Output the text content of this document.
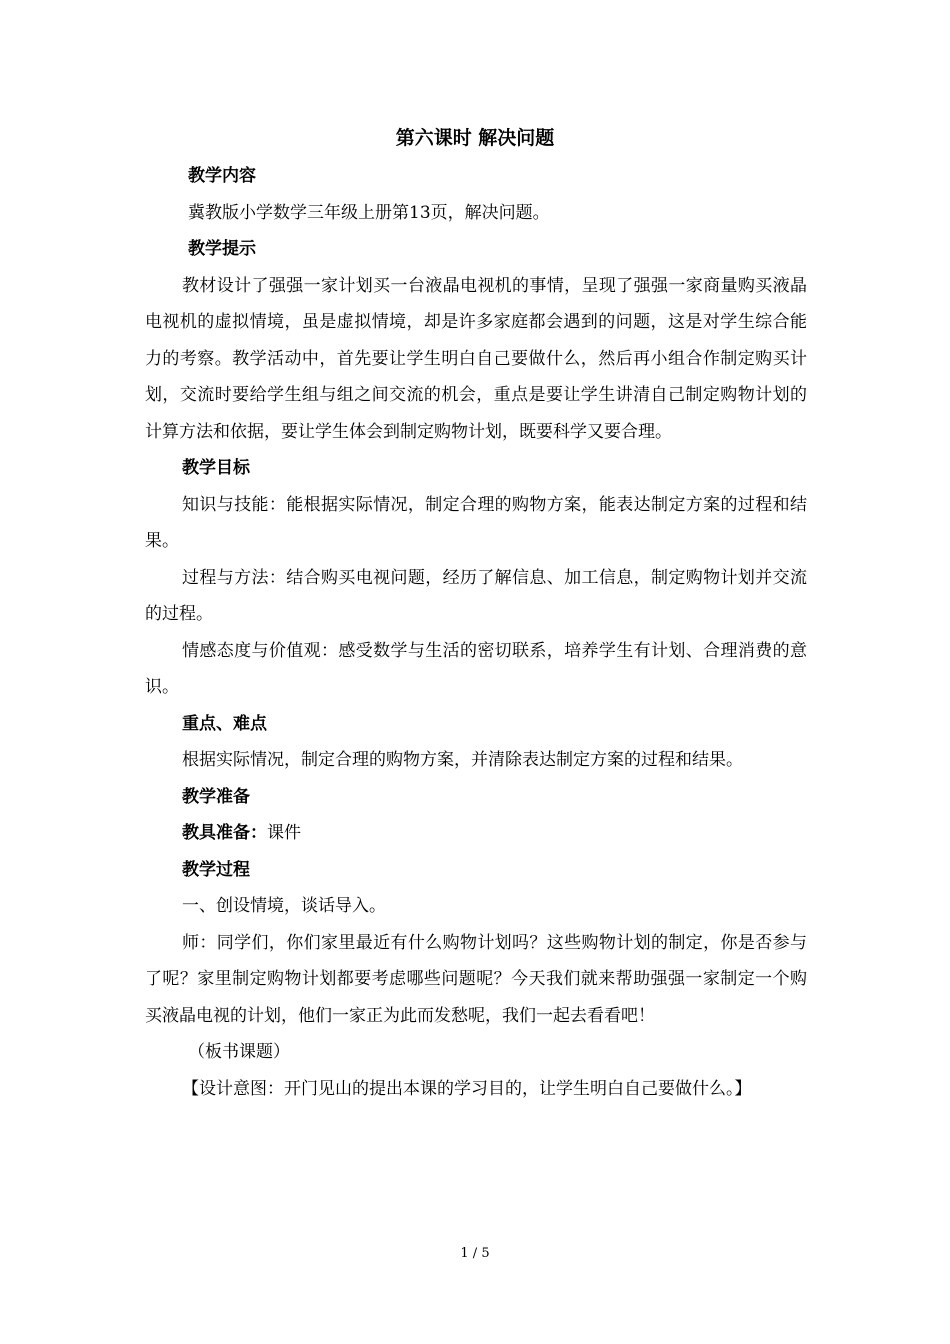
第六课时 解决问题

教学内容

冀教版小学数学三年级上册第13页，解决问题。

教学提示

教材设计了强强一家计划买一台液晶电视机的事情，呈现了强强一家商量购买液晶电视机的虚拟情境，虽是虚拟情境，却是许多家庭都会遇到的问题，这是对学生综合能力的考察。教学活动中，首先要让学生明白自己要做什么，然后再小组合作制定购买计划，交流时要给学生组与组之间交流的机会，重点是要让学生讲清自己制定购物计划的计算方法和依据，要让学生体会到制定购物计划，既要科学又要合理。

教学目标

知识与技能：能根据实际情况，制定合理的购物方案，能表达制定方案的过程和结果。

过程与方法：结合购买电视问题，经历了解信息、加工信息，制定购物计划并交流的过程。

情感态度与价值观：感受数学与生活的密切联系，培养学生有计划、合理消费的意识。

重点、难点

根据实际情况，制定合理的购物方案，并清除表达制定方案的过程和结果。

教学准备

教具准备：课件

教学过程

一、创设情境，谈话导入。

师：同学们，你们家里最近有什么购物计划吗？这些购物计划的制定，你是否参与了呢？家里制定购物计划都要考虑哪些问题呢？今天我们就来帮助强强一家制定一个购买液晶电视的计划，他们一家正为此而发愁呢，我们一起去看看吧！

（板书课题）

【设计意图：开门见山的提出本课的学习目的，让学生明白自己要做什么。】

1 / 5
